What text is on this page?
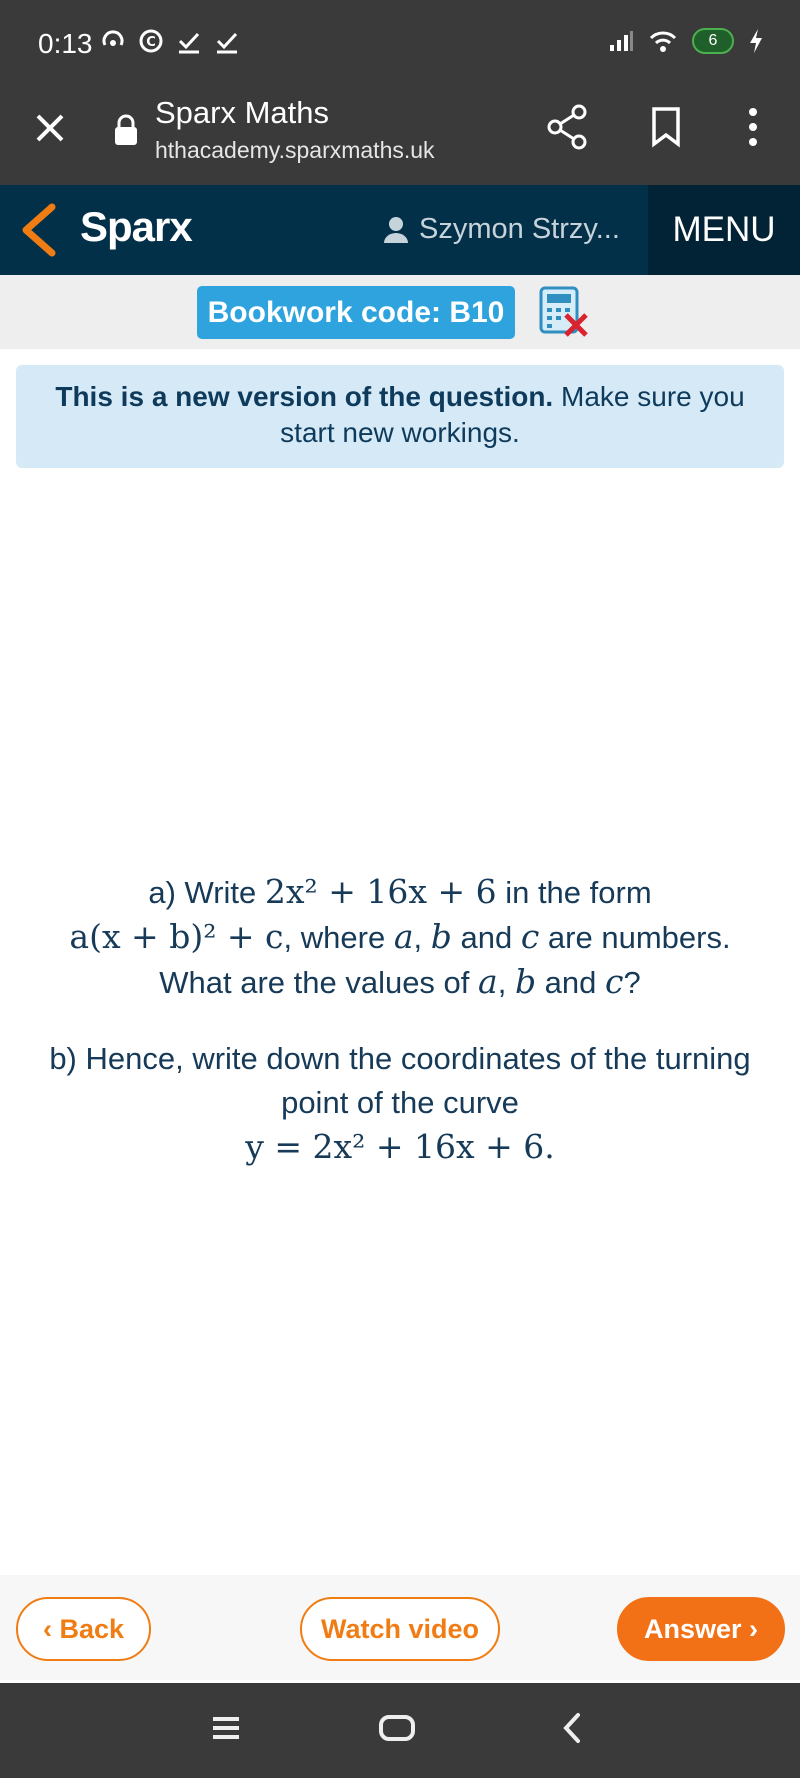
0:13	C	6
Sparx Maths
hthacademy.sparxmaths.uk
Sparx	Szymon Strzy...	MENU
Bookwork code: B10
This is a new version of the question. Make sure you start new workings.
a) Write 2x² + 16x + 6 in the form
a(x + b)² + c, where a, b and c are numbers.
What are the values of a, b and c?
b) Hence, write down the coordinates of the turning point of the curve
y = 2x² + 16x + 6.
‹ Back	Watch video	Answer ›
